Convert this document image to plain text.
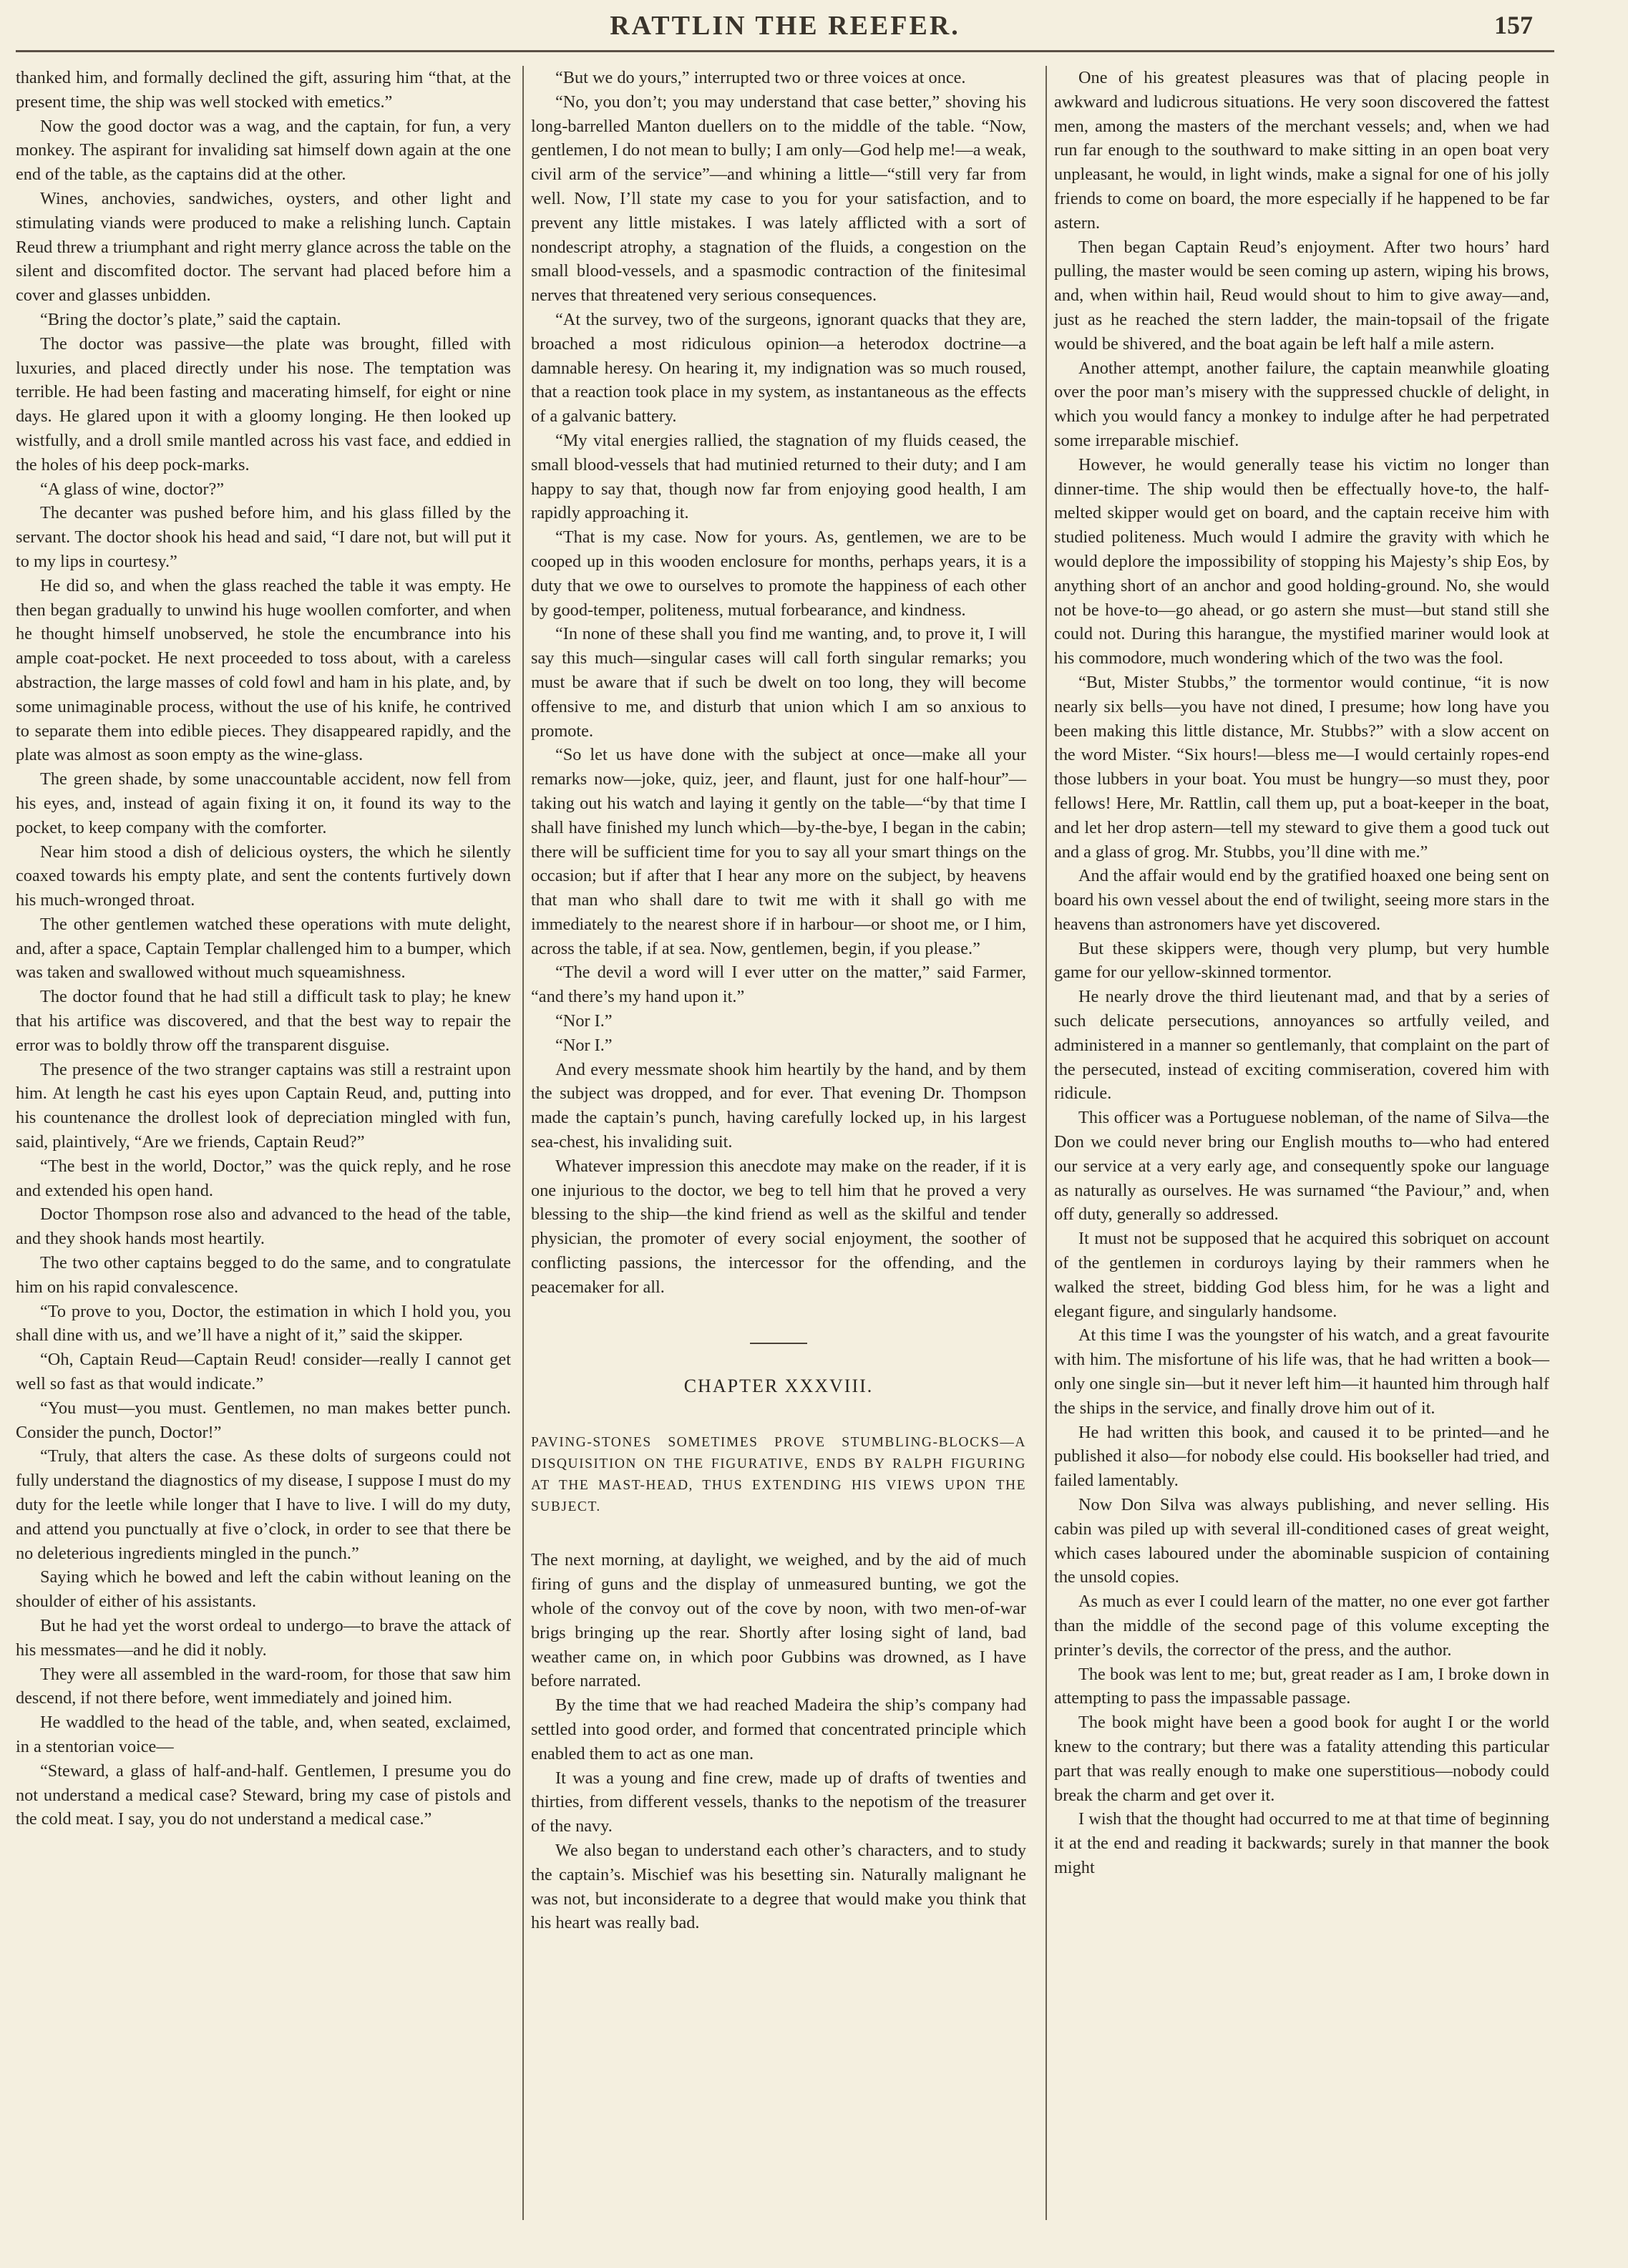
RATTLIN THE REEFER.	157

thanked him, and formally declined the gift, assuring him “that, at the present time, the ship was well stocked with emetics.”

Now the good doctor was a wag, and the captain, for fun, a very monkey. The aspirant for invaliding sat himself down again at the one end of the table, as the captains did at the other.

Wines, anchovies, sandwiches, oysters, and other light and stimulating viands were produced to make a relishing lunch. Captain Reud threw a triumphant and right merry glance across the table on the silent and discomfited doctor. The servant had placed before him a cover and glasses unbidden.

“Bring the doctor’s plate,” said the captain.

The doctor was passive—the plate was brought, filled with luxuries, and placed directly under his nose. The temptation was terrible. He had been fasting and macerating himself, for eight or nine days. He glared upon it with a gloomy longing. He then looked up wistfully, and a droll smile mantled across his vast face, and eddied in the holes of his deep pock-marks.

“A glass of wine, doctor?”

The decanter was pushed before him, and his glass filled by the servant. The doctor shook his head and said, “I dare not, but will put it to my lips in courtesy.”

He did so, and when the glass reached the table it was empty. He then began gradually to unwind his huge woollen comforter, and when he thought himself unobserved, he stole the encumbrance into his ample coat-pocket. He next proceeded to toss about, with a careless abstraction, the large masses of cold fowl and ham in his plate, and, by some unimaginable process, without the use of his knife, he contrived to separate them into edible pieces. They disappeared rapidly, and the plate was almost as soon empty as the wine-glass.

The green shade, by some unaccountable accident, now fell from his eyes, and, instead of again fixing it on, it found its way to the pocket, to keep company with the comforter.

Near him stood a dish of delicious oysters, the which he silently coaxed towards his empty plate, and sent the contents furtively down his much-wronged throat.

The other gentlemen watched these operations with mute delight, and, after a space, Captain Templar challenged him to a bumper, which was taken and swallowed without much squeamishness.

The doctor found that he had still a difficult task to play; he knew that his artifice was discovered, and that the best way to repair the error was to boldly throw off the transparent disguise.

The presence of the two stranger captains was still a restraint upon him. At length he cast his eyes upon Captain Reud, and, putting into his countenance the drollest look of depreciation mingled with fun, said, plaintively, “Are we friends, Captain Reud?”

“The best in the world, Doctor,” was the quick reply, and he rose and extended his open hand.

Doctor Thompson rose also and advanced to the head of the table, and they shook hands most heartily.

The two other captains begged to do the same, and to congratulate him on his rapid convalescence.

“To prove to you, Doctor, the estimation in which I hold you, you shall dine with us, and we’ll have a night of it,” said the skipper.

“Oh, Captain Reud—Captain Reud! consider—really I cannot get well so fast as that would indicate.”

“You must—you must. Gentlemen, no man makes better punch. Consider the punch, Doctor!”

“Truly, that alters the case. As these dolts of surgeons could not fully understand the diagnostics of my disease, I suppose I must do my duty for the leetle while longer that I have to live. I will do my duty, and attend you punctually at five o’clock, in order to see that there be no deleterious ingredients mingled in the punch.”

Saying which he bowed and left the cabin without leaning on the shoulder of either of his assistants.

But he had yet the worst ordeal to undergo—to brave the attack of his messmates—and he did it nobly.

They were all assembled in the ward-room, for those that saw him descend, if not there before, went immediately and joined him.

He waddled to the head of the table, and, when seated, exclaimed, in a stentorian voice—

“Steward, a glass of half-and-half. Gentlemen, I presume you do not understand a medical case? Steward, bring my case of pistols and the cold meat. I say, you do not understand a medical case.”

“But we do yours,” interrupted two or three voices at once.

“No, you don’t; you may understand that case better,” shoving his long-barrelled Manton duellers on to the middle of the table. “Now, gentlemen, I do not mean to bully; I am only—God help me!—a weak, civil arm of the service”—and whining a little—“still very far from well. Now, I’ll state my case to you for your satisfaction, and to prevent any little mistakes. I was lately afflicted with a sort of nondescript atrophy, a stagnation of the fluids, a congestion on the small blood-vessels, and a spasmodic contraction of the finitesimal nerves that threatened very serious consequences.

“At the survey, two of the surgeons, ignorant quacks that they are, broached a most ridiculous opinion—a heterodox doctrine—a damnable heresy. On hearing it, my indignation was so much roused, that a reaction took place in my system, as instantaneous as the effects of a galvanic battery.

“My vital energies rallied, the stagnation of my fluids ceased, the small blood-vessels that had mutinied returned to their duty; and I am happy to say that, though now far from enjoying good health, I am rapidly approaching it.

“That is my case. Now for yours. As, gentlemen, we are to be cooped up in this wooden enclosure for months, perhaps years, it is a duty that we owe to ourselves to promote the happiness of each other by good-temper, politeness, mutual forbearance, and kindness.

“In none of these shall you find me wanting, and, to prove it, I will say this much—singular cases will call forth singular remarks; you must be aware that if such be dwelt on too long, they will become offensive to me, and disturb that union which I am so anxious to promote.

“So let us have done with the subject at once—make all your remarks now—joke, quiz, jeer, and flaunt, just for one half-hour”—taking out his watch and laying it gently on the table—“by that time I shall have finished my lunch which—by-the-bye, I began in the cabin; there will be sufficient time for you to say all your smart things on the occasion; but if after that I hear any more on the subject, by heavens that man who shall dare to twit me with it shall go with me immediately to the nearest shore if in harbour—or shoot me, or I him, across the table, if at sea. Now, gentlemen, begin, if you please.”

“The devil a word will I ever utter on the matter,” said Farmer, “and there’s my hand upon it.”

“Nor I.”

“Nor I.”

And every messmate shook him heartily by the hand, and by them the subject was dropped, and for ever. That evening Dr. Thompson made the captain’s punch, having carefully locked up, in his largest sea-chest, his invaliding suit.

Whatever impression this anecdote may make on the reader, if it is one injurious to the doctor, we beg to tell him that he proved a very blessing to the ship—the kind friend as well as the skilful and tender physician, the promoter of every social enjoyment, the soother of conflicting passions, the intercessor for the offending, and the peacemaker for all.

CHAPTER XXXVIII.
PAVING-STONES SOMETIMES PROVE STUMBLING-BLOCKS—A DISQUISITION ON THE FIGURATIVE, ENDS BY RALPH FIGURING AT THE MAST-HEAD, THUS EXTENDING HIS VIEWS UPON THE SUBJECT.

The next morning, at daylight, we weighed, and by the aid of much firing of guns and the display of unmeasured bunting, we got the whole of the convoy out of the cove by noon, with two men-of-war brigs bringing up the rear. Shortly after losing sight of land, bad weather came on, in which poor Gubbins was drowned, as I have before narrated.

By the time that we had reached Madeira the ship’s company had settled into good order, and formed that concentrated principle which enabled them to act as one man.

It was a young and fine crew, made up of drafts of twenties and thirties, from different vessels, thanks to the nepotism of the treasurer of the navy.

We also began to understand each other’s characters, and to study the captain’s. Mischief was his besetting sin. Naturally malignant he was not, but inconsiderate to a degree that would make you think that his heart was really bad.

One of his greatest pleasures was that of placing people in awkward and ludicrous situations. He very soon discovered the fattest men, among the masters of the merchant vessels; and, when we had run far enough to the southward to make sitting in an open boat very unpleasant, he would, in light winds, make a signal for one of his jolly friends to come on board, the more especially if he happened to be far astern.

Then began Captain Reud’s enjoyment. After two hours’ hard pulling, the master would be seen coming up astern, wiping his brows, and, when within hail, Reud would shout to him to give away—and, just as he reached the stern ladder, the main-topsail of the frigate would be shivered, and the boat again be left half a mile astern.

Another attempt, another failure, the captain meanwhile gloating over the poor man’s misery with the suppressed chuckle of delight, in which you would fancy a monkey to indulge after he had perpetrated some irreparable mischief.

However, he would generally tease his victim no longer than dinner-time. The ship would then be effectually hove-to, the half-melted skipper would get on board, and the captain receive him with studied politeness. Much would I admire the gravity with which he would deplore the impossibility of stopping his Majesty’s ship Eos, by anything short of an anchor and good holding-ground. No, she would not be hove-to—go ahead, or go astern she must—but stand still she could not. During this harangue, the mystified mariner would look at his commodore, much wondering which of the two was the fool.

“But, Mister Stubbs,” the tormentor would continue, “it is now nearly six bells—you have not dined, I presume; how long have you been making this little distance, Mr. Stubbs?” with a slow accent on the word Mister. “Six hours!—bless me—I would certainly ropes-end those lubbers in your boat. You must be hungry—so must they, poor fellows! Here, Mr. Rattlin, call them up, put a boat-keeper in the boat, and let her drop astern—tell my steward to give them a good tuck out and a glass of grog. Mr. Stubbs, you’ll dine with me.”

And the affair would end by the gratified hoaxed one being sent on board his own vessel about the end of twilight, seeing more stars in the heavens than astronomers have yet discovered.

But these skippers were, though very plump, but very humble game for our yellow-skinned tormentor.

He nearly drove the third lieutenant mad, and that by a series of such delicate persecutions, annoyances so artfully veiled, and administered in a manner so gentlemanly, that complaint on the part of the persecuted, instead of exciting commiseration, covered him with ridicule.

This officer was a Portuguese nobleman, of the name of Silva—the Don we could never bring our English mouths to—who had entered our service at a very early age, and consequently spoke our language as naturally as ourselves. He was surnamed “the Paviour,” and, when off duty, generally so addressed.

It must not be supposed that he acquired this sobriquet on account of the gentlemen in corduroys laying by their rammers when he walked the street, bidding God bless him, for he was a light and elegant figure, and singularly handsome.

At this time I was the youngster of his watch, and a great favourite with him. The misfortune of his life was, that he had written a book—only one single sin—but it never left him—it haunted him through half the ships in the service, and finally drove him out of it.

He had written this book, and caused it to be printed—and he published it also—for nobody else could. His bookseller had tried, and failed lamentably.

Now Don Silva was always publishing, and never selling. His cabin was piled up with several ill-conditioned cases of great weight, which cases laboured under the abominable suspicion of containing the unsold copies.

As much as ever I could learn of the matter, no one ever got farther than the middle of the second page of this volume excepting the printer’s devils, the corrector of the press, and the author.

The book was lent to me; but, great reader as I am, I broke down in attempting to pass the impassable passage.

The book might have been a good book for aught I or the world knew to the contrary; but there was a fatality attending this particular part that was really enough to make one superstitious—nobody could break the charm and get over it.

I wish that the thought had occurred to me at that time of beginning it at the end and reading it backwards; surely in that manner the book might
